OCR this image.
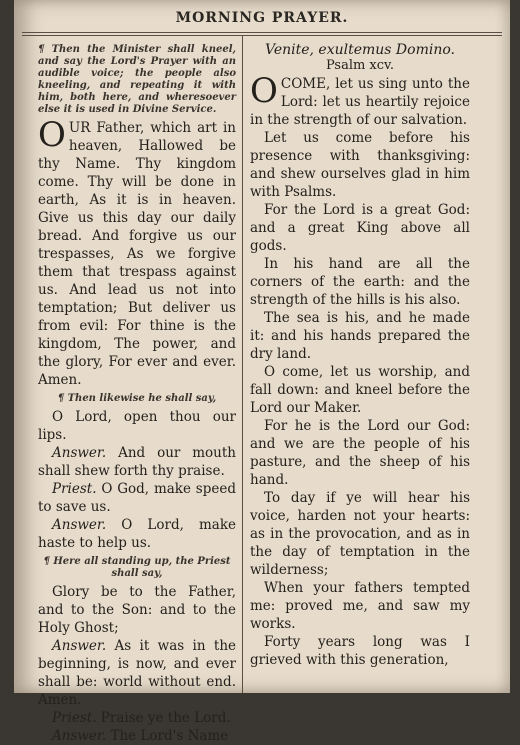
MORNING PRAYER.

¶ Then the Minister shall kneel, and say the Lord's Prayer with an audible voice; the people also kneeling, and repeating it with him, both here, and wheresoever else it is used in Divine Service.

OUR Father, which art in heaven, Hallowed be thy Name. Thy kingdom come. Thy will be done in earth, As it is in heaven. Give us this day our daily bread. And forgive us our trespasses, As we forgive them that trespass against us. And lead us not into temptation; But deliver us from evil: For thine is the kingdom, The power, and the glory, For ever and ever. Amen.

¶ Then likewise he shall say,

O Lord, open thou our lips.

Answer. And our mouth shall shew forth thy praise.

Priest. O God, make speed to save us.

Answer. O Lord, make haste to help us.

¶ Here all standing up, the Priest shall say,

Glory be to the Father, and to the Son: and to the Holy Ghost;

Answer. As it was in the beginning, is now, and ever shall be: world without end. Amen.

Priest. Praise ye the Lord.

Answer. The Lord's Name

Venite, exultemus Domino.

Psalm xcv.

OCOME, let us sing unto the Lord: let us heartily rejoice in the strength of our salvation.

Let us come before his presence with thanksgiving: and shew ourselves glad in him with Psalms.

For the Lord is a great God: and a great King above all gods.

In his hand are all the corners of the earth: and the strength of the hills is his also.

The sea is his, and he made it: and his hands prepared the dry land.

O come, let us worship, and fall down: and kneel before the Lord our Maker.

For he is the Lord our God: and we are the people of his pasture, and the sheep of his hand.

To day if ye will hear his voice, harden not your hearts: as in the provocation, and as in the day of temptation in the wilderness;

When your fathers tempted me: proved me, and saw my works.

Forty years long was I grieved with this generation,
